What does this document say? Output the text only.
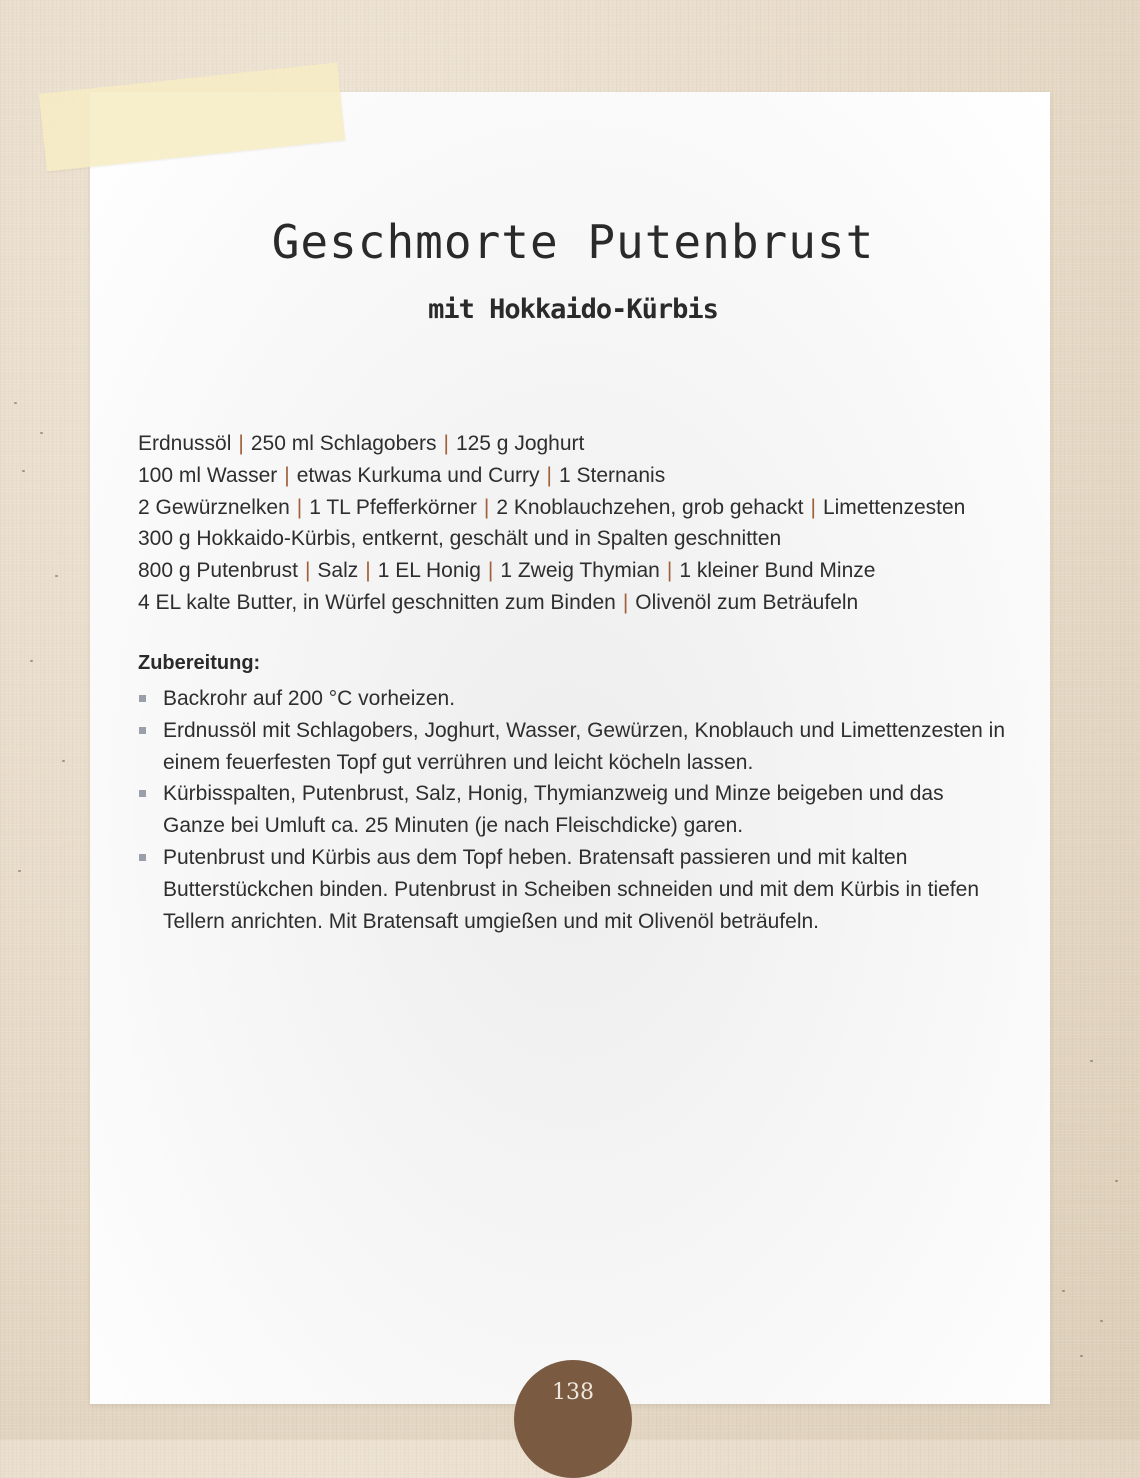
Geschmorte Putenbrust
mit Hokkaido-Kürbis
Erdnussöl | 250 ml Schlagobers | 125 g Joghurt
100 ml Wasser | etwas Kurkuma und Curry | 1 Sternanis
2 Gewürznelken | 1 TL Pfefferkörner | 2 Knoblauchzehen, grob gehackt | Limettenzesten
300 g Hokkaido-Kürbis, entkernt, geschält und in Spalten geschnitten
800 g Putenbrust | Salz | 1 EL Honig | 1 Zweig Thymian | 1 kleiner Bund Minze
4 EL kalte Butter, in Würfel geschnitten zum Binden | Olivenöl zum Beträufeln
Zubereitung:
Backrohr auf 200 °C vorheizen.
Erdnussöl mit Schlagobers, Joghurt, Wasser, Gewürzen, Knoblauch und Limettenzesten in einem feuerfesten Topf gut verrühren und leicht köcheln lassen.
Kürbisspalten, Putenbrust, Salz, Honig, Thymianzweig und Minze beigeben und das Ganze bei Umluft ca. 25 Minuten (je nach Fleischdicke) garen.
Putenbrust und Kürbis aus dem Topf heben. Bratensaft passieren und mit kalten Butterstückchen binden. Putenbrust in Scheiben schneiden und mit dem Kürbis in tiefen Tellern anrichten. Mit Bratensaft umgießen und mit Olivenöl beträufeln.
138
